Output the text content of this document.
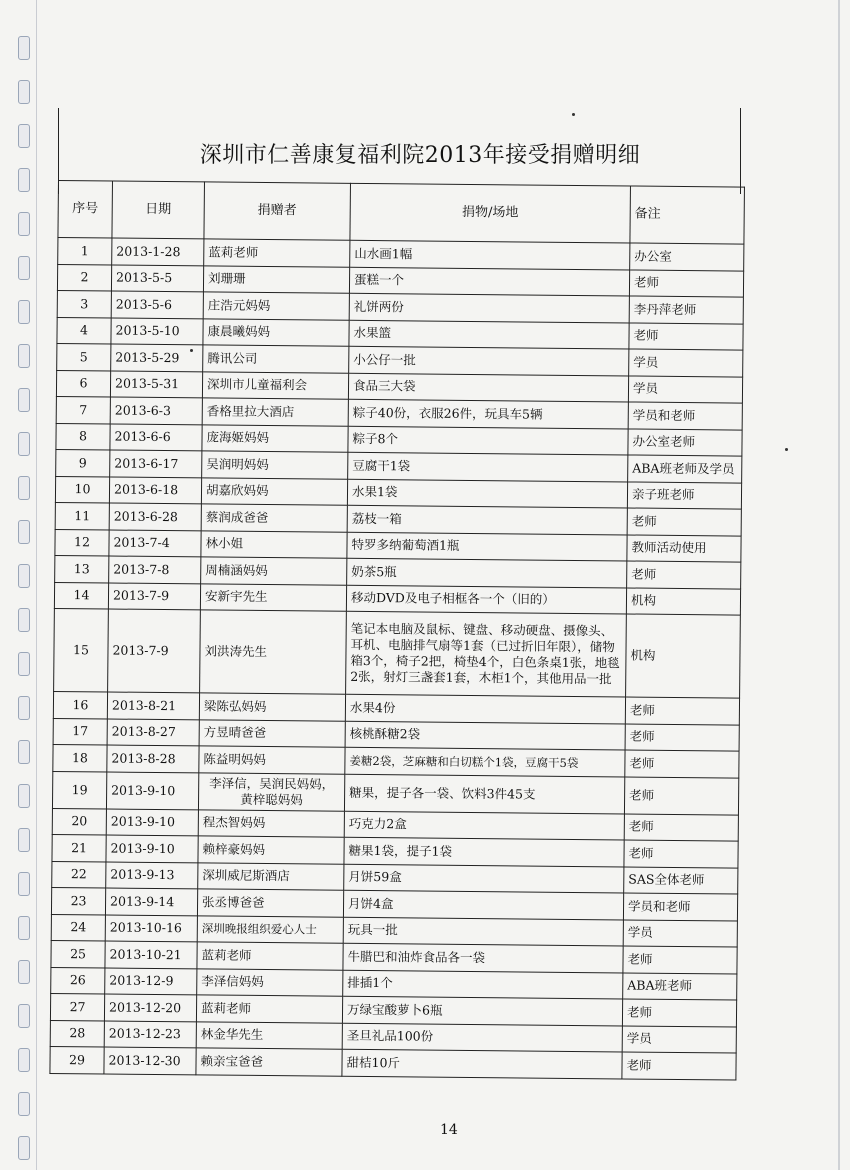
深圳市仁善康复福利院2013年接受捐赠明细
序号	日期	捐赠者	捐物/场地	备注
1	2013-1-28	蓝莉老师	山水画1幅	办公室
2	2013-5-5	刘珊珊	蛋糕一个	老师
3	2013-5-6	庄浩元妈妈	礼饼两份	李丹萍老师
4	2013-5-10	康晨曦妈妈	水果篮	老师
5	2013-5-29	腾讯公司	小公仔一批	学员
6	2013-5-31	深圳市儿童福利会	食品三大袋	学员
7	2013-6-3	香格里拉大酒店	粽子40份，衣服26件，玩具车5辆	学员和老师
8	2013-6-6	庞海姬妈妈	粽子8个	办公室老师
9	2013-6-17	吴润明妈妈	豆腐干1袋	ABA班老师及学员
10	2013-6-18	胡嘉欣妈妈	水果1袋	亲子班老师
11	2013-6-28	蔡润成爸爸	荔枝一箱	老师
12	2013-7-4	林小姐	特罗多纳葡萄酒1瓶	教师活动使用
13	2013-7-8	周楠涵妈妈	奶茶5瓶	老师
14	2013-7-9	安新宇先生	移动DVD及电子相框各一个（旧的）	机构
15	2013-7-9	刘洪涛先生	笔记本电脑及鼠标、键盘、移动硬盘、摄像头、耳机、电脑排气扇等1套（已过折旧年限），储物箱3个，椅子2把，椅垫4个，白色条桌1张，地毯2张，射灯三盏套1套，木柜1个，其他用品一批	机构
16	2013-8-21	梁陈弘妈妈	水果4份	老师
17	2013-8-27	方昱晴爸爸	核桃酥糖2袋	老师
18	2013-8-28	陈益明妈妈	姜糖2袋，芝麻糖和白切糕个1袋，豆腐干5袋	老师
19	2013-9-10	李泽信，吴润民妈妈，黄梓聪妈妈	糖果，提子各一袋、饮料3件45支	老师
20	2013-9-10	程杰智妈妈	巧克力2盒	老师
21	2013-9-10	赖梓豪妈妈	糖果1袋，提子1袋	老师
22	2013-9-13	深圳威尼斯酒店	月饼59盒	SAS全体老师
23	2013-9-14	张丞博爸爸	月饼4盒	学员和老师
24	2013-10-16	深圳晚报组织爱心人士	玩具一批	学员
25	2013-10-21	蓝莉老师	牛腊巴和油炸食品各一袋	老师
26	2013-12-9	李泽信妈妈	排插1个	ABA班老师
27	2013-12-20	蓝莉老师	万绿宝酸萝卜6瓶	老师
28	2013-12-23	林金华先生	圣旦礼品100份	学员
29	2013-12-30	赖亲宝爸爸	甜桔10斤	老师
14
